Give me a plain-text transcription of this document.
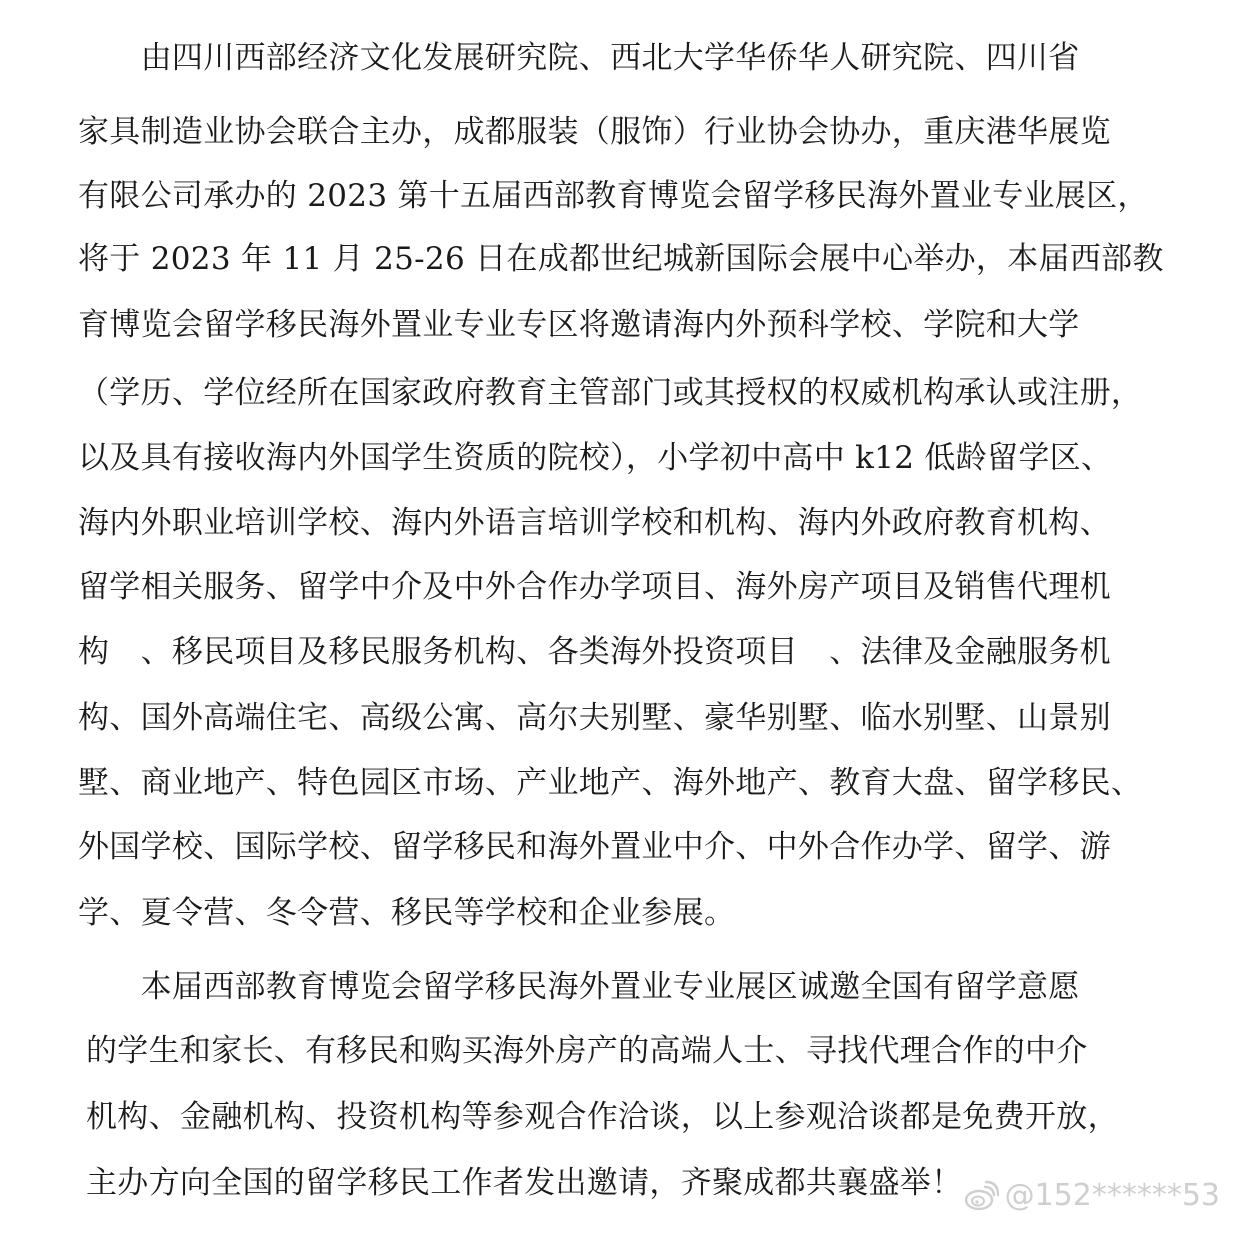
　　由四川西部经济文化发展研究院、西北大学华侨华人研究院、四川省
家具制造业协会联合主办，成都服装（服饰）行业协会协办，重庆港华展览
有限公司承办的 2023 第十五届西部教育博览会留学移民海外置业专业展区，
将于 2023 年 11 月 25-26 日在成都世纪城新国际会展中心举办，本届西部教
育博览会留学移民海外置业专业专区将邀请海内外预科学校、学院和大学
（学历、学位经所在国家政府教育主管部门或其授权的权威机构承认或注册，
以及具有接收海内外国学生资质的院校），小学初中高中 k12 低龄留学区、
海内外职业培训学校、海内外语言培训学校和机构、海内外政府教育机构、
留学相关服务、留学中介及中外合作办学项目、海外房产项目及销售代理机
构　、移民项目及移民服务机构、各类海外投资项目　、法律及金融服务机
构、国外高端住宅、高级公寓、高尔夫别墅、豪华别墅、临水别墅、山景别
墅、商业地产、特色园区市场、产业地产、海外地产、教育大盘、留学移民、
外国学校、国际学校、留学移民和海外置业中介、中外合作办学、留学、游
学、夏令营、冬令营、移民等学校和企业参展。
　　本届西部教育博览会留学移民海外置业专业展区诚邀全国有留学意愿
的学生和家长、有移民和购买海外房产的高端人士、寻找代理合作的中介
机构、金融机构、投资机构等参观合作洽谈，以上参观洽谈都是免费开放，
主办方向全国的留学移民工作者发出邀请，齐聚成都共襄盛举！ @152******53
